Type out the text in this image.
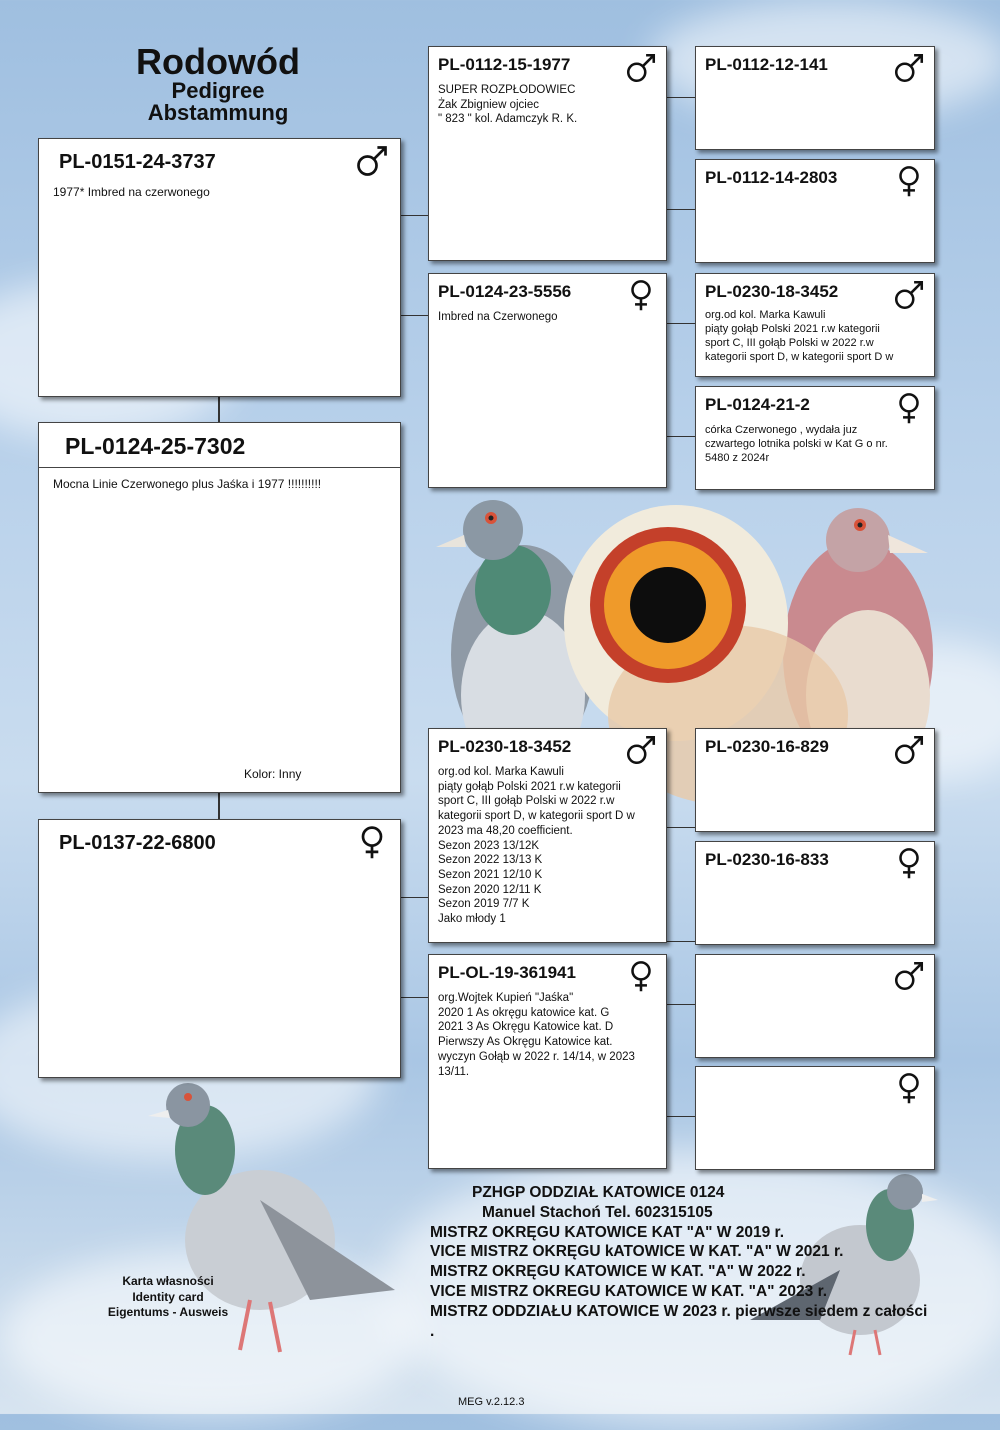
Rodowód
Pedigree
Abstammung
PL-0151-24-3737
1977* Imbred na czerwonego
PL-0124-25-7302
Mocna Linie Czerwonego plus Jaśka i 1977 !!!!!!!!!!
Kolor: Inny
PL-0137-22-6800
PL-0112-15-1977
SUPER ROZPŁODOWIEC
Żak Zbigniew ojciec
" 823 " kol. Adamczyk R. K.
PL-0124-23-5556
Imbred na Czerwonego
PL-0230-18-3452
org.od kol. Marka Kawuli
piąty gołąb Polski 2021 r.w kategorii
sport C, III gołąb Polski w 2022 r.w
kategorii sport D, w kategorii sport D w
2023 ma 48,20 coefficient.
Sezon 2023 13/12K
Sezon 2022 13/13 K
Sezon 2021 12/10 K
Sezon 2020 12/11 K
Sezon 2019 7/7 K
Jako młody 1
PL-OL-19-361941
org.Wojtek Kupień "Jaśka"
2020 1 As okręgu katowice kat. G
2021 3 As Okręgu Katowice kat. D
Pierwszy As Okręgu Katowice kat.
wyczyn Gołąb w 2022 r. 14/14, w 2023
13/11.
PL-0112-12-141
PL-0112-14-2803
PL-0230-18-3452
org.od kol. Marka Kawuli
piąty gołąb Polski 2021 r.w kategorii
sport C, III gołąb Polski w 2022 r.w
kategorii sport D, w kategorii sport D w
PL-0124-21-2
córka Czerwonego , wydała juz
czwartego lotnika polski w Kat G o nr.
5480 z 2024r
PL-0230-16-829
PL-0230-16-833
PZHGP ODDZIAŁ KATOWICE 0124
Manuel Stachoń Tel. 602315105
MISTRZ OKRĘGU KATOWICE KAT "A" W 2019 r.
VICE MISTRZ OKRĘGU kATOWICE W KAT. "A" W 2021 r.
MISTRZ OKRĘGU KATOWICE W KAT. "A" W 2022 r.
VICE MISTRZ OKREGU KATOWICE W KAT. "A" 2023 r.
MISTRZ ODDZIAŁU KATOWICE W 2023 r. pierwsze siedem z całości .
Karta własności
Identity card
Eigentums - Ausweis
MEG v.2.12.3
